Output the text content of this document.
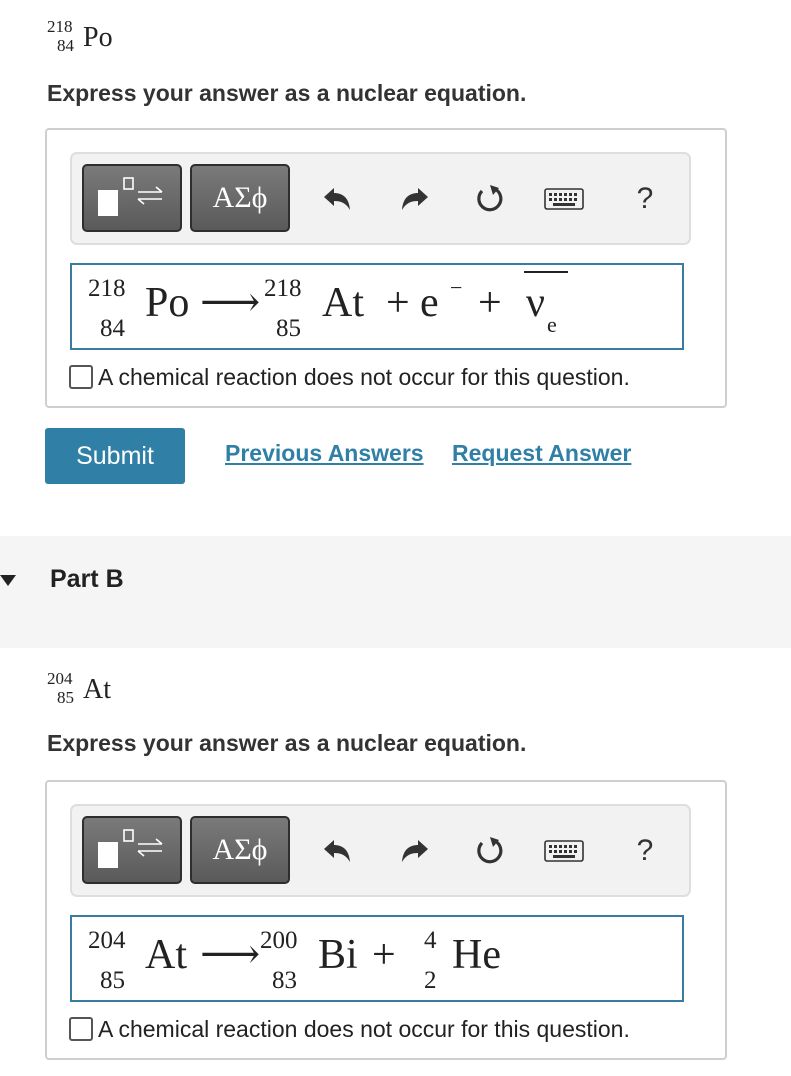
218
84 Po
Express your answer as a nuclear equation.
ΑΣϕ	?
218
84
Po ⟶ 218
85
At + e − + ν e
A chemical reaction does not occur for this question.
Submit	Previous Answers Request Answer
Part B
204
85 At
Express your answer as a nuclear equation.
ΑΣϕ	?
204
85
At ⟶ 200
83
Bi + 4
2
He
A chemical reaction does not occur for this question.
